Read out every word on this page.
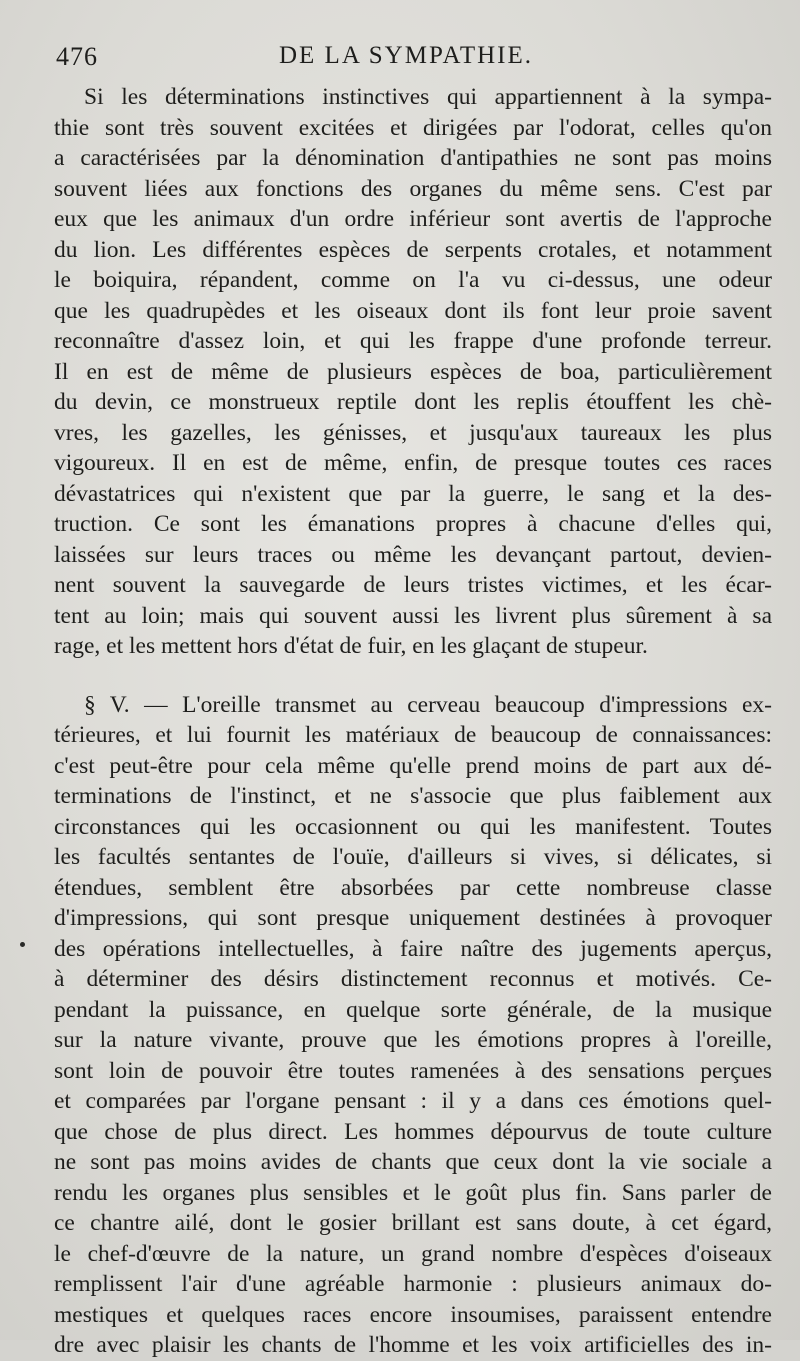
476	DE LA SYMPATHIE.
Si les déterminations instinctives qui appartiennent à la sympa-
thie sont très souvent excitées et dirigées par l'odorat, celles qu'on
a caractérisées par la dénomination d'antipathies ne sont pas moins
souvent liées aux fonctions des organes du même sens. C'est par
eux que les animaux d'un ordre inférieur sont avertis de l'approche
du lion. Les différentes espèces de serpents crotales, et notamment
le boiquira, répandent, comme on l'a vu ci-dessus, une odeur
que les quadrupèdes et les oiseaux dont ils font leur proie savent
reconnaître d'assez loin, et qui les frappe d'une profonde terreur.
Il en est de même de plusieurs espèces de boa, particulièrement
du devin, ce monstrueux reptile dont les replis étouffent les chè-
vres, les gazelles, les génisses, et jusqu'aux taureaux les plus
vigoureux. Il en est de même, enfin, de presque toutes ces races
dévastatrices qui n'existent que par la guerre, le sang et la des-
truction. Ce sont les émanations propres à chacune d'elles qui,
laissées sur leurs traces ou même les devançant partout, devien-
nent souvent la sauvegarde de leurs tristes victimes, et les écar-
tent au loin; mais qui souvent aussi les livrent plus sûrement à sa
rage, et les mettent hors d'état de fuir, en les glaçant de stupeur.
§ V. — L'oreille transmet au cerveau beaucoup d'impressions ex-
térieures, et lui fournit les matériaux de beaucoup de connaissances:
c'est peut-être pour cela même qu'elle prend moins de part aux dé-
terminations de l'instinct, et ne s'associe que plus faiblement aux
circonstances qui les occasionnent ou qui les manifestent. Toutes
les facultés sentantes de l'ouïe, d'ailleurs si vives, si délicates, si
étendues, semblent être absorbées par cette nombreuse classe
d'impressions, qui sont presque uniquement destinées à provoquer
des opérations intellectuelles, à faire naître des jugements aperçus,
à déterminer des désirs distinctement reconnus et motivés. Ce-
pendant la puissance, en quelque sorte générale, de la musique
sur la nature vivante, prouve que les émotions propres à l'oreille,
sont loin de pouvoir être toutes ramenées à des sensations perçues
et comparées par l'organe pensant : il y a dans ces émotions quel-
que chose de plus direct. Les hommes dépourvus de toute culture
ne sont pas moins avides de chants que ceux dont la vie sociale a
rendu les organes plus sensibles et le goût plus fin. Sans parler de
ce chantre ailé, dont le gosier brillant est sans doute, à cet égard,
le chef-d'œuvre de la nature, un grand nombre d'espèces d'oiseaux
remplissent l'air d'une agréable harmonie : plusieurs animaux do-
mestiques et quelques races encore insoumises, paraissent entendre
dre avec plaisir les chants de l'homme et les voix artificielles des in-
